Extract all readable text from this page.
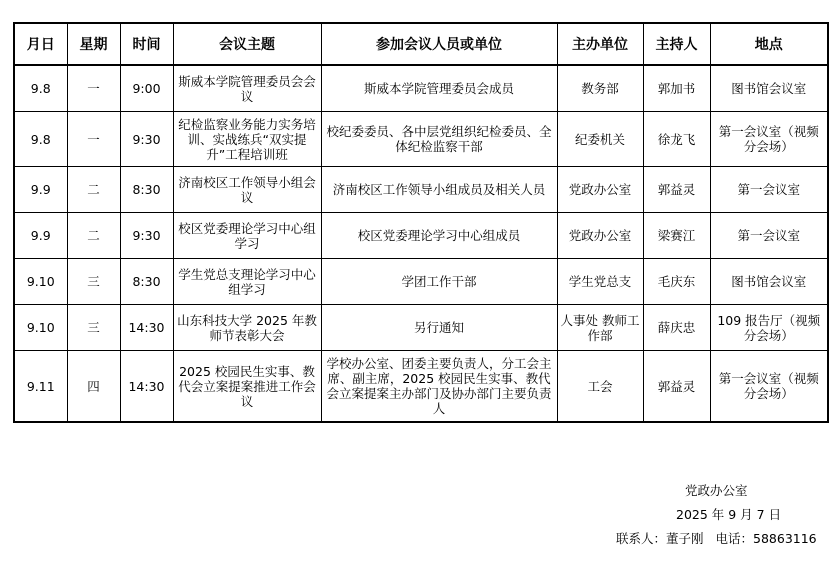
月日	星期	时间	会议主题	参加会议人员或单位	主办单位	主持人	地点
9.8	一	9:00	斯威本学院管理委员会会议	斯威本学院管理委员会成员	教务部	郭加书	图书馆会议室
9.8	一	9:30	纪检监察业务能力实务培训、实战练兵“双实提升”工程培训班	校纪委委员、各中层党组织纪检委员、全体纪检监察干部	纪委机关	徐龙飞	第一会议室（视频分会场）
9.9	二	8:30	济南校区工作领导小组会议	济南校区工作领导小组成员及相关人员	党政办公室	郭益灵	第一会议室
9.9	二	9:30	校区党委理论学习中心组学习	校区党委理论学习中心组成员	党政办公室	梁赛江	第一会议室
9.10	三	8:30	学生党总支理论学习中心组学习	学团工作干部	学生党总支	毛庆东	图书馆会议室
9.10	三	14:30	山东科技大学 2025 年教师节表彰大会	另行通知	人事处 教师工作部	薛庆忠	109 报告厅（视频分会场）
9.11	四	14:30	2025 校园民生实事、教代会立案提案推进工作会议	学校办公室、团委主要负责人，分工会主席、副主席，2025 校园民生实事、教代会立案提案主办部门及协办部门主要负责人	工会	郭益灵	第一会议室（视频分会场）
党政办公室
2025 年 9 月 7 日
联系人：董子刚 电话：58863116
